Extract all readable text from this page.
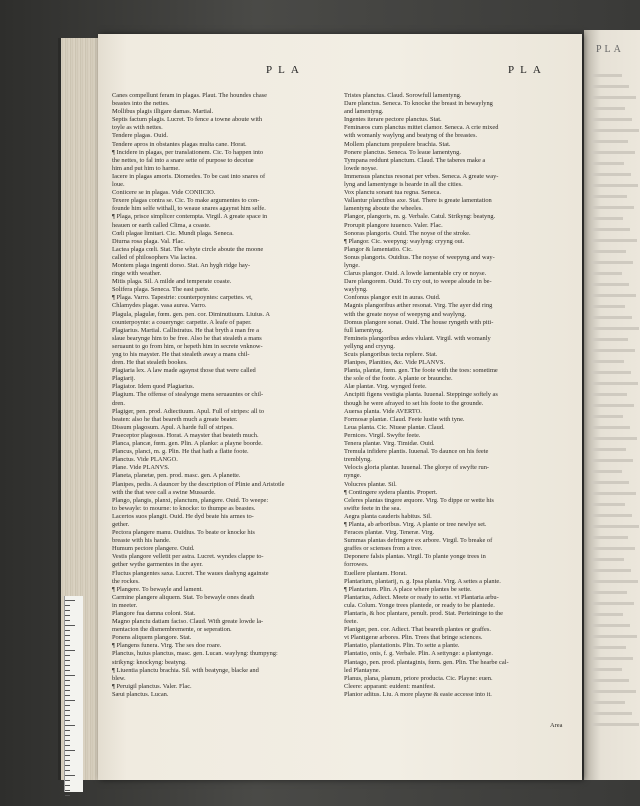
PLA
PLA	PLA
Canes compellunt feram in plagas. Plaut. The houndes chase
beastes into the nettes.
Mollibus plagis illigare damas. Martial.
Septis factum plagis. Lucret. To fence a towne aboute with
toyle as with nettes.
Tendere plagas. Ouid.
Tendere apros in obstantes plagas multa cane. Horat.
¶ Incidere in plagas, per translationem. Cic. To happen into
the nettes, to fal into a snare sette of purpose to deceiue
him and put him to harme.
Iacere in plagas amoris. Diomedes. To be cast into snares of
loue.
Coniicere se in plagas. Vide CONIICIO.
Texere plagas contra se. Cic. To make argumentes to con-
founde him selfe withall, to weaue snares agaynst him selfe.
¶ Plaga, prisce simplicer contempta. Virgil. A greate space in
heauen or earth called Clima, a coaste.
Cœli plagae limitari. Cic. Mundi plaga. Seneca.
Diurna rosa plaga. Val. Flac.
Lactea plaga cœli. Stat. The whyte circle aboute the moone
called of philosophers Via lactea.
Montem plaga ingenti dorso. Stat. An hygh ridge hay-
ringe with weather.
Mitis plaga. Sil. A milde and temperate coaste.
Solifera plaga. Seneca. The east parte.
¶ Plaga. Varro. Tapestrie: counterpoyntes: carpettes. vt,
Chlamydes plagæ. vasa aurea. Varro.
Plagula, plagulæ, fœm. gen. pen. cor. Diminutiuum. Liuius. A
counterpoynte: a couerynge: carpette. A leafe of paper.
Plagiarius. Martial. Callistratus. He that bryth a man fre a
slaue bearynge him to be free. Also he that stealeth a mans
seruaunt to go from him, or hepeth him in secrete vnknow-
yng to his mayster. He that stealeth away a mans chil-
dren. He that stealeth bookes.
Plagiaria lex. A law made agaynst those that were called
Plagiarij.
Plagiator. Idem quod Plagiarius.
Plagium. The offense of stealynge mens seruauntes or chil-
dren.
Plagiger, pen. prod. Adiectiuum. Apul. Full of stripes: all to
beaten: also he that beareth much a greate beater.
Dissum plagosum. Apul. A harde full of stripes.
Praeceptor plagosus. Horat. A mayster that beateth much.
Planca, plancæ, fœm. gen. Plin. A planke: a playne boorde.
Plancus, planci, m. g. Plin. He that hath a flatte foote.
Planctus. Vide PLANGO.
Plane. Vide PLANVS.
Planeta, planetæ, pen. prod. masc. gen. A planette.
Planipes, pedis. A dauncer by the description of Plinie and Aristotle
with the that wee call a swine Mussarde.
Plango, plangis, planxi, planctum, plangere. Ouid. To weepe:
to bewayle: to mourne: to knocke: to thumpe as beastes.
Lacertos suos plangit. Ouid. He dyd beate his armes to-
gether.
Pectora plangere manu. Ouidius. To beate or knocke his
breaste with his hande.
Humum pectore plangere. Ouid.
Vestis plangore velletit per astra. Lucret. wyndes clappe to-
gether wythe garmentes in the ayer.
Fluctus plangentes saxa. Lucret. The waues dashyng againste
the rockes.
¶ Plangere. To bewayle and lament.
Carmine plangere aliquem. Stat. To bewayle ones death
in meeter.
Plangore fua damna coloni. Stat.
Magno planctu datiam faciso. Claud. With greate lowde la-
mentacion the dismembremente, or seperation.
Ponens aliquem plangore. Stat.
¶ Plangens funera. Virg. The ses doe roare.
Planctus, huius planctus, masc. gen. Lucan. waylyng: thumpyng:
strikyng: knockyng: beatyng.
¶ Liuentia planctu brachia. Sil. with beatynge, blacke and
blew.
¶ Peruigil planctus. Valer. Flac.
Sæui planctus. Lucan.
Tristes planctus. Claud. Sorowfull lamentyng.
Dare planctus. Seneca. To knocke the breast in bewaylyng
and lamentyng.
Ingentes iterare pectore planctus. Stat.
Feminæos cum planctus mittet clamor. Seneca. A crie mixed
with womanly waylyng and beatyng of the breastes.
Mollem planctum prepulere brachia. Stat.
Ponere planctus. Seneca. To leaue lamentyng.
Tympana reddunt planctum. Claud. The taberes make a
lowde noyse.
Immensus planctus resonat per vrbes. Seneca. A greate way-
lyng and lamentynge is hearde in all the cities.
Vox planctu sonant tua regna. Seneca.
Vallantur planctibus axe. Stat. There is greate lamentation
lamentyng aboute the wheeles.
Plangor, plangoris, m. g. Verbale. Catul. Strikyng: beatyng.
Prorupit plangore iuuenco. Valer. Flac.
Sonoras plangoris. Ouid. The noyse of the stroke.
¶ Plangor. Cic. weepyng: waylyng: cryyng out.
Plangor & lamentatio. Cic.
Sonus plangoris. Ouidius. The noyse of weepyng and way-
lynge.
Clarus plangor. Ouid. A lowde lamentable cry or noyse.
Dare plangorem. Ouid. To cry out, to weepe aloude in be-
waylyng.
Confonus plangor exit in auras. Ouid.
Magnis plangoribus æther resonat. Virg. The ayer did ring
with the greate noyse of weepyng and waylyng.
Domus plangore sonat. Ouid. The house ryngeth with piti-
full lamentyng.
Femineis plangoribus ædes vlulant. Virgil. with womanly
yellyng and cryyng.
Scuis plangoribus tecta replere. Stat.
Planipes, Planities, &c. Vide PLANVS.
Planta, plantæ, fœm. gen. The foote with the toes: sometime
the sole of the foote. A plante or braunche.
Alæ plantæ. Virg. wynged feete.
Ancipiti figens vestigia planta. Iuuenal. Steppinge softely as
though he were afrayed to set his foote to the grounde.
Auersa planta. Vide AVERTO.
Formosæ plantæ. Claud. Feete lustie with tyne.
Leua planta. Cic. Niueæ plantæ. Claud.
Pernices. Virgil. Swyfte feete.
Tenera plantæ. Virg. Timidæ. Ouid.
Tremula infidere plantis. Iuuenal. To daunce on his feete
tremblyng.
Velocis gloria plantæ. Iuuenal. The glorye of swyfte run-
nynge.
Volucres plantæ. Sil.
¶ Contingere sydera plantis. Propert.
Celeres plantas tingere æquore. Virg. To dippe or wette his
swifte feete in the sea.
Aegra planta cauderis habitus. Sil.
¶ Planta, ab arboribus. Virg. A plante or tree newlye set.
Feraces plantæ. Virg. Teneræ. Virg.
Summas plantas defringere ex arbore. Virgil. To breake of
graffes or scienses from a tree.
Deponere falsis plantas. Virgil. To plante yonge trees in
forrowes.
Euellere plantam. Horat.
Plantarium, plantarij, n. g. Ipsa planta. Virg. A settes a plante.
¶ Plantarium. Plin. A place where plantes be sette.
Plantarius, Adiect. Meete or ready to sette. vt Plantaria arbu-
cula. Colum. Yonge trees plantede, or ready to be plantede.
Plantaris, & hoc plantare, penult. prod. Stat. Perteininge to the
feete.
Planiger, pen. cor. Adiect. That beareth plantes or graffes.
vt Plantigeræ arbores. Plin. Trees that bringe sciences.
Plantatio, plantationis. Plin. To sette a plante.
Plantatio, onis, f. g. Verbale. Plin. A settynge: a plantynge.
Plantago, pen. prod. plantaginis, fœm. gen. Plin. The hearbe cal-
led Plantayne.
Planus, plana, planum, priore producta. Cic. Playne: euen.
Cleere: apparant: euident: manifest.
Planior aditus. Liu. A more playne & easie accesse into it.
Area
